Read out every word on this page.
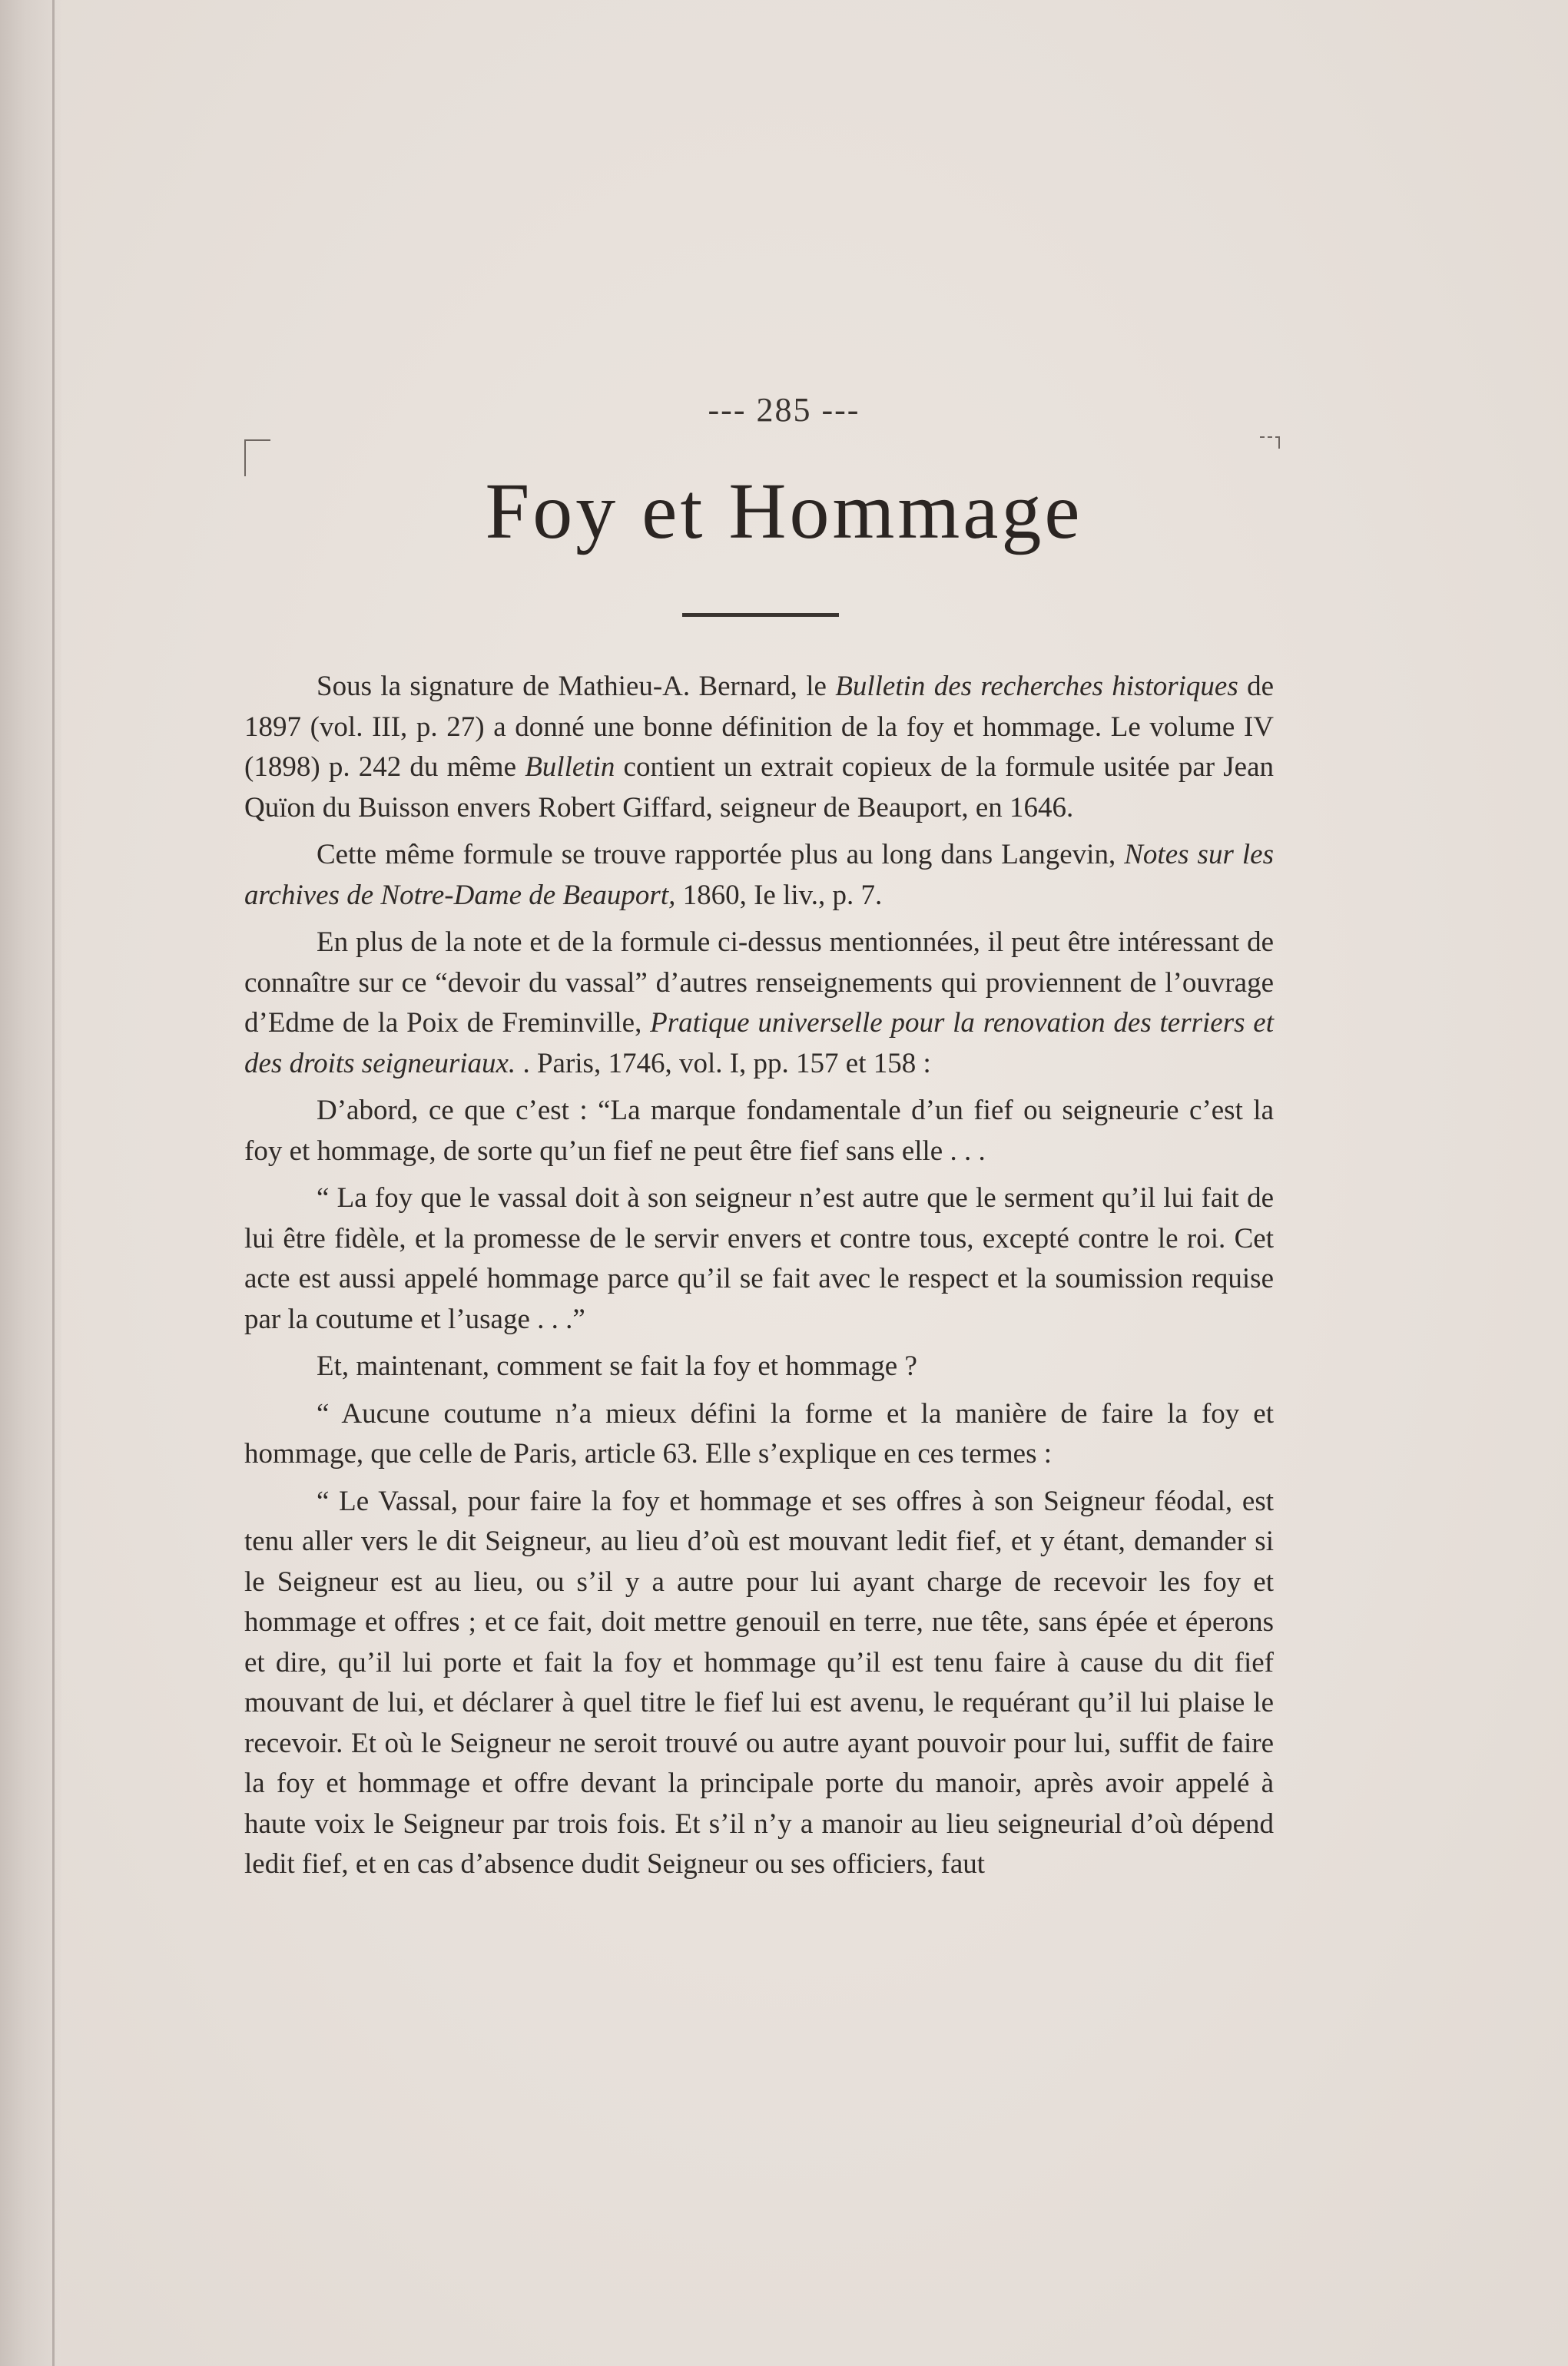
--- 285 ---
Foy et Hommage

Sous la signature de Mathieu-A. Bernard, le Bulletin des recherches historiques de 1897 (vol. III, p. 27) a donné une bonne définition de la foy et hommage. Le volume IV (1898) p. 242 du même Bulletin contient un extrait copieux de la formule usitée par Jean Quïon du Buisson envers Robert Giffard, seigneur de Beauport, en 1646.

Cette même formule se trouve rapportée plus au long dans Langevin, Notes sur les archives de Notre-Dame de Beauport, 1860, Ie liv., p. 7.

En plus de la note et de la formule ci-dessus mentionnées, il peut être intéressant de connaître sur ce “devoir du vassal” d’autres renseignements qui proviennent de l’ouvrage d’Edme de la Poix de Freminville, Pratique universelle pour la renovation des terriers et des droits seigneuriaux. . Paris, 1746, vol. I, pp. 157 et 158 :

D’abord, ce que c’est : “La marque fondamentale d’un fief ou seigneurie c’est la foy et hommage, de sorte qu’un fief ne peut être fief sans elle . . .

“ La foy que le vassal doit à son seigneur n’est autre que le serment qu’il lui fait de lui être fidèle, et la promesse de le servir envers et contre tous, excepté contre le roi. Cet acte est aussi appelé hommage parce qu’il se fait avec le respect et la soumission requise par la coutume et l’usage . . .”

Et, maintenant, comment se fait la foy et hommage ?

“ Aucune coutume n’a mieux défini la forme et la manière de faire la foy et hommage, que celle de Paris, article 63. Elle s’explique en ces termes :

“ Le Vassal, pour faire la foy et hommage et ses offres à son Seigneur féodal, est tenu aller vers le dit Seigneur, au lieu d’où est mouvant ledit fief, et y étant, demander si le Seigneur est au lieu, ou s’il y a autre pour lui ayant charge de recevoir les foy et hommage et offres ; et ce fait, doit mettre genouil en terre, nue tête, sans épée et éperons et dire, qu’il lui porte et fait la foy et hommage qu’il est tenu faire à cause du dit fief mouvant de lui, et déclarer à quel titre le fief lui est avenu, le requérant qu’il lui plaise le recevoir. Et où le Seigneur ne seroit trouvé ou autre ayant pouvoir pour lui, suffit de faire la foy et hommage et offre devant la principale porte du manoir, après avoir appelé à haute voix le Seigneur par trois fois. Et s’il n’y a manoir au lieu seigneurial d’où dépend ledit fief, et en cas d’absence dudit Seigneur ou ses officiers, faut
